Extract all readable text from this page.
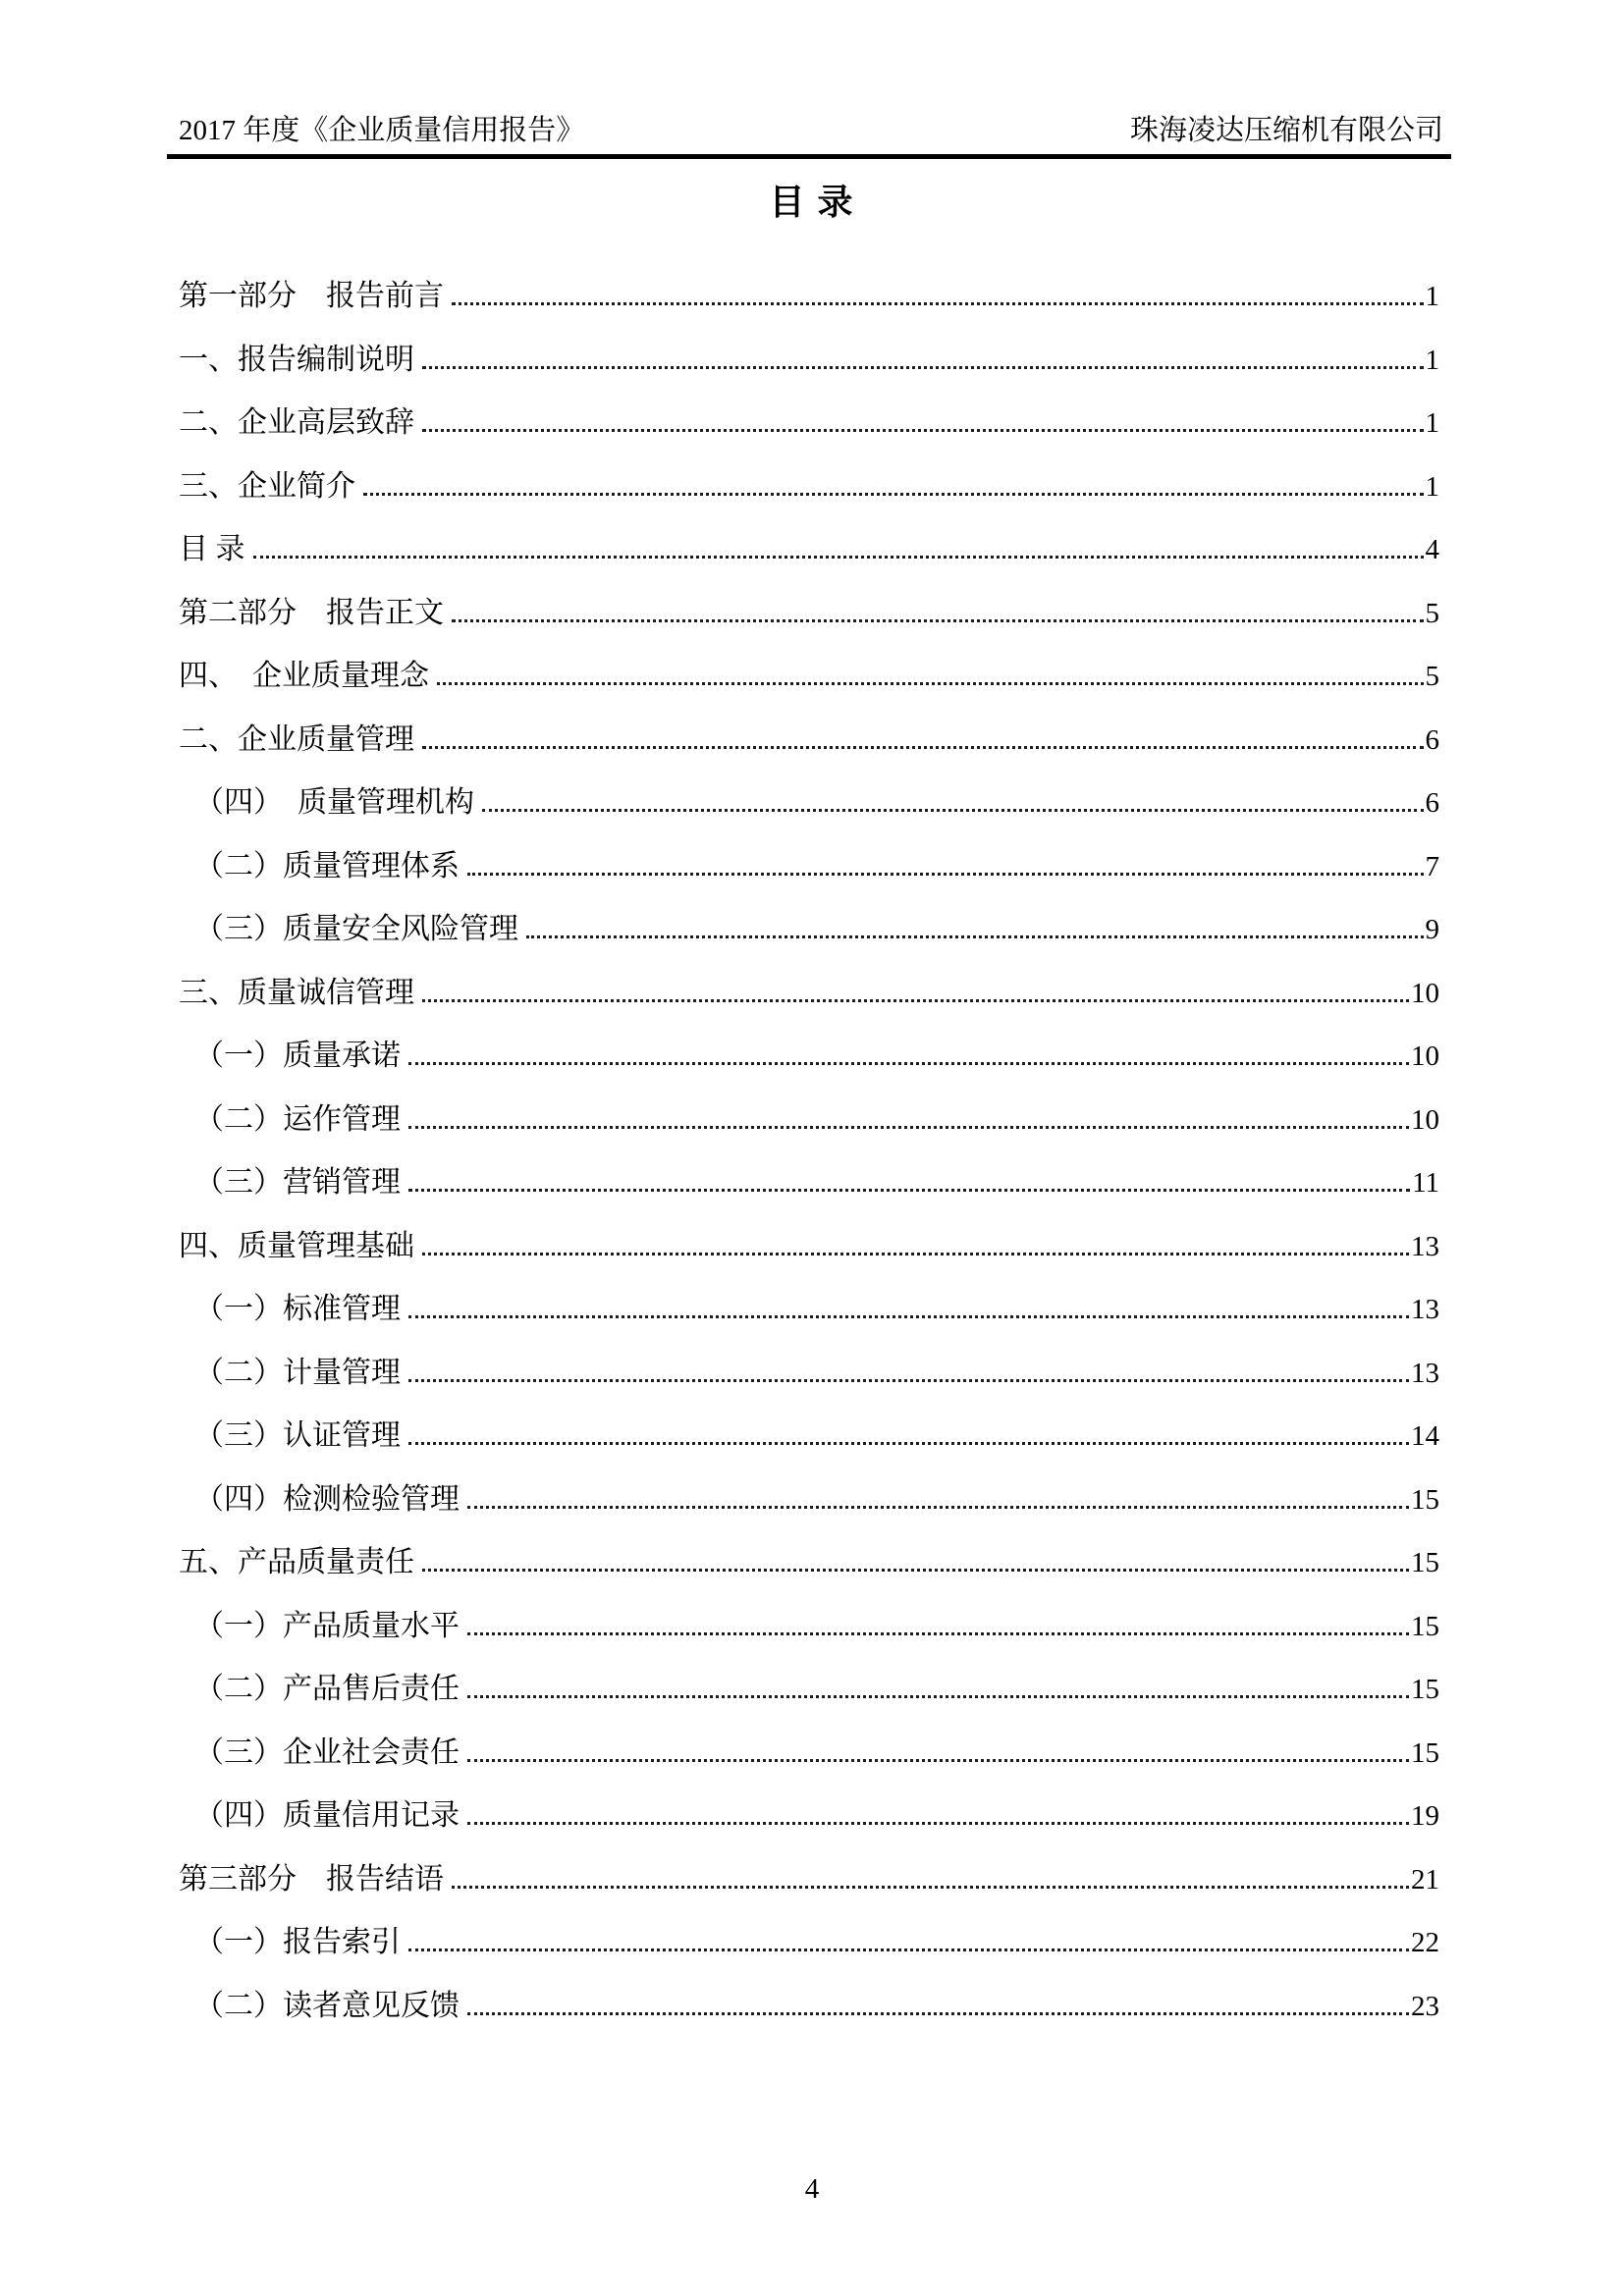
2017 年度《企业质量信用报告》	珠海凌达压缩机有限公司
目 录
第一部分　报告前言	1
一、报告编制说明	1
二、企业高层致辞	1
三、企业简介	1
目 录	4
第二部分　报告正文	5
四、　企业质量理念	5
二、企业质量管理	6
（四）　质量管理机构	6
（二）质量管理体系	7
（三）质量安全风险管理	9
三、质量诚信管理	10
（一）质量承诺	10
（二）运作管理	10
（三）营销管理	11
四、质量管理基础	13
（一）标准管理	13
（二）计量管理	13
（三）认证管理	14
（四）检测检验管理	15
五、产品质量责任	15
（一）产品质量水平	15
（二）产品售后责任	15
（三）企业社会责任	15
（四）质量信用记录	19
第三部分　报告结语	21
（一）报告索引	22
（二）读者意见反馈	23
4
